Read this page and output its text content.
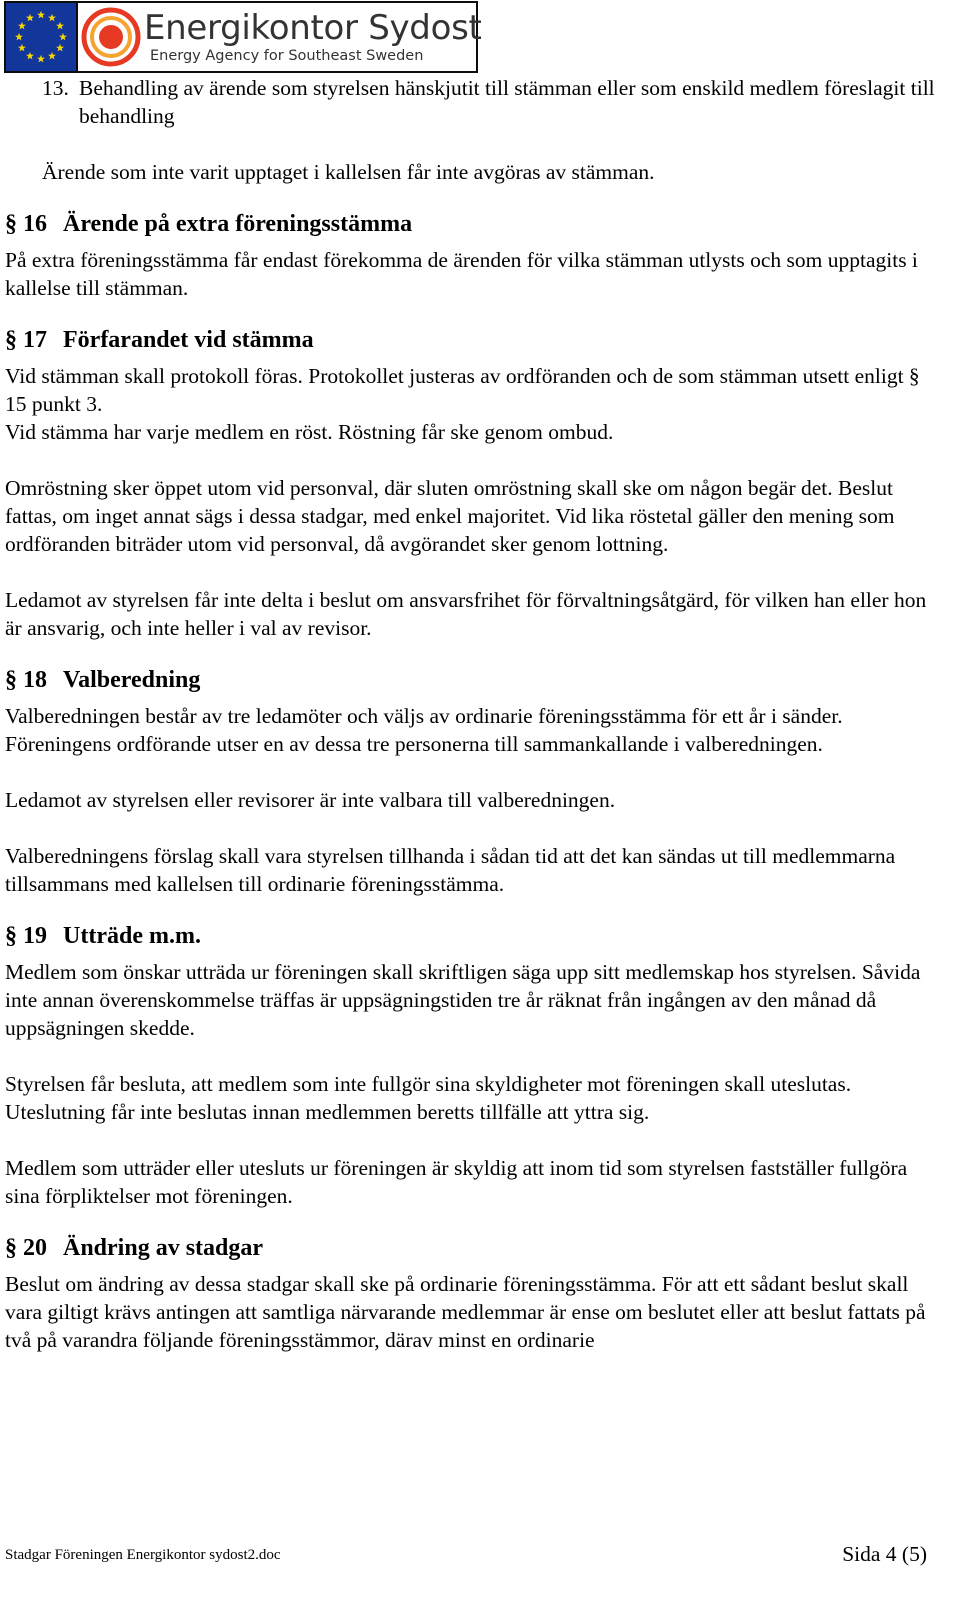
Energikontor Sydost
Energy Agency for Southeast Sweden
13. Behandling av ärende som styrelsen hänskjutit till stämman eller som enskild medlem föreslagit till behandling

Ärende som inte varit upptaget i kallelsen får inte avgöras av stämman.

§ 16 Ärende på extra föreningsstämma

På extra föreningsstämma får endast förekomma de ärenden för vilka stämman utlysts och som upptagits i kallelse till stämman.

§ 17 Förfarandet vid stämma

Vid stämman skall protokoll föras. Protokollet justeras av ordföranden och de som stämman utsett enligt § 15 punkt 3.
Vid stämma har varje medlem en röst. Röstning får ske genom ombud.

Omröstning sker öppet utom vid personval, där sluten omröstning skall ske om någon begär det. Beslut fattas, om inget annat sägs i dessa stadgar, med enkel majoritet. Vid lika röstetal gäller den mening som ordföranden biträder utom vid personval, då avgörandet sker genom lottning.

Ledamot av styrelsen får inte delta i beslut om ansvarsfrihet för förvaltningsåtgärd, för vilken han eller hon är ansvarig, och inte heller i val av revisor.

§ 18 Valberedning

Valberedningen består av tre ledamöter och väljs av ordinarie föreningsstämma för ett år i sänder. Föreningens ordförande utser en av dessa tre personerna till sammankallande i valberedningen.

Ledamot av styrelsen eller revisorer är inte valbara till valberedningen.

Valberedningens förslag skall vara styrelsen tillhanda i sådan tid att det kan sändas ut till medlemmarna tillsammans med kallelsen till ordinarie föreningsstämma.

§ 19 Utträde m.m.

Medlem som önskar utträda ur föreningen skall skriftligen säga upp sitt medlemskap hos styrelsen. Såvida inte annan överenskommelse träffas är uppsägningstiden tre år räknat från ingången av den månad då uppsägningen skedde.

Styrelsen får besluta, att medlem som inte fullgör sina skyldigheter mot föreningen skall uteslutas. Uteslutning får inte beslutas innan medlemmen beretts tillfälle att yttra sig.

Medlem som utträder eller utesluts ur föreningen är skyldig att inom tid som styrelsen fastställer fullgöra sina förpliktelser mot föreningen.

§ 20 Ändring av stadgar

Beslut om ändring av dessa stadgar skall ske på ordinarie föreningsstämma. För att ett sådant beslut skall vara giltigt krävs antingen att samtliga närvarande medlemmar är ense om beslutet eller att beslut fattats på två på varandra följande föreningsstämmor, därav minst en ordinarie

Stadgar Föreningen Energikontor sydost2.doc	Sida 4 (5)
